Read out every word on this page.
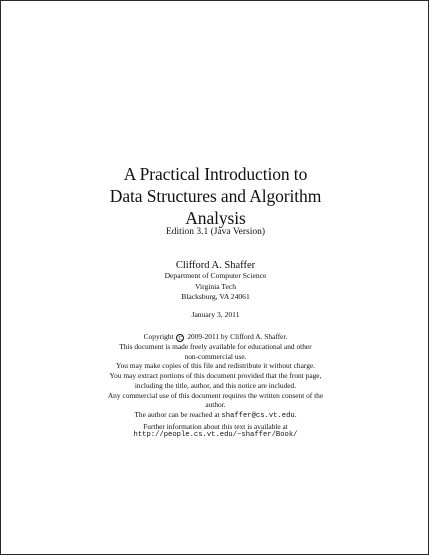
A Practical Introduction to
Data Structures and Algorithm
Analysis
Edition 3.1 (Java Version)
Clifford A. Shaffer
Department of Computer Science
Virginia Tech
Blacksburg, VA 24061
January 3, 2011
Copyright C 2009-2011 by Clifford A. Shaffer.
This document is made freely available for educational and other
non-commercial use.
You may make copies of this file and redistribute it without charge.
You may extract portions of this document provided that the front page,
including the title, author, and this notice are included.
Any commercial use of this document requires the written consent of the
author.
The author can be reached at shaffer@cs.vt.edu.
Further information about this text is available at
http://people.cs.vt.edu/~shaffer/Book/
